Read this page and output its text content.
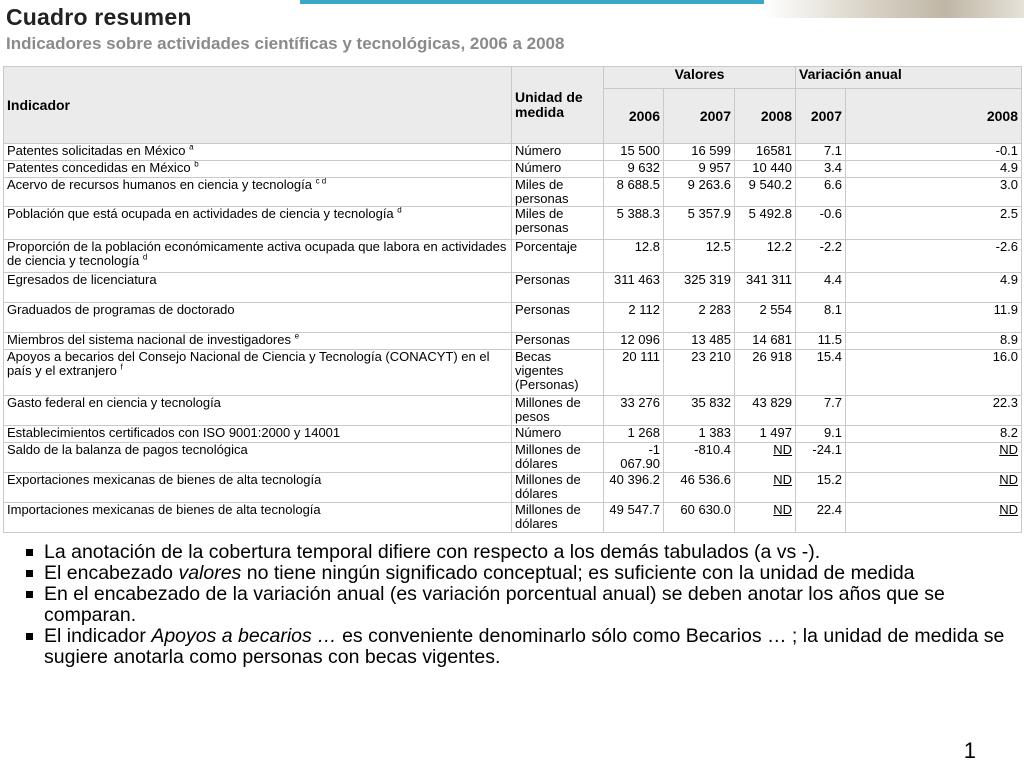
Cuadro resumen
Indicadores sobre actividades científicas y tecnológicas, 2006 a 2008
Indicador	Unidad de medida	Valores			Variación anual	
		2006	2007	2008	2007	2008
Patentes solicitadas en México $^a$	Número	15 500	16 599	16581	7.1	-0.1
Patentes concedidas en México $^b$	Número	9 632	9 957	10 440	3.4	4.9
Acervo de recursos humanos en ciencia y tecnología $^{c d}$	Miles de personas	8 688.5	9 263.6	9 540.2	6.6	3.0
Población que está ocupada en actividades de ciencia y tecnología $^d$	Miles de personas	5 388.3	5 357.9	5 492.8	-0.6	2.5
Proporción de la población económicamente activa ocupada que labora en actividades de ciencia y tecnología $^d$	Porcentaje	12.8	12.5	12.2	-2.2	-2.6
Egresados de licenciatura	Personas	311 463	325 319	341 311	4.4	4.9
Graduados de programas de doctorado	Personas	2 112	2 283	2 554	8.1	11.9
Miembros del sistema nacional de investigadores $^e$	Personas	12 096	13 485	14 681	11.5	8.9
Apoyos a becarios del Consejo Nacional de Ciencia y Tecnología (CONACYT) en el país y el extranjero $^f$	Becas vigentes (Personas)	20 111	23 210	26 918	15.4	16.0
Gasto federal en ciencia y tecnología	Millones de pesos	33 276	35 832	43 829	7.7	22.3
Establecimientos certificados con ISO 9001:2000 y 14001	Número	1 268	1 383	1 497	9.1	8.2
Saldo de la balanza de pagos tecnológica	Millones de dólares	-1 067.90	-810.4	ND	-24.1	ND
Exportaciones mexicanas de bienes de alta tecnología	Millones de dólares	40 396.2	46 536.6	ND	15.2	ND
Importaciones mexicanas de bienes de alta tecnología	Millones de dólares	49 547.7	60 630.0	ND	22.4	ND
La anotación de la cobertura temporal difiere con respecto a los demás tabulados (a vs -).
El encabezado valores no tiene ningún significado conceptual; es suficiente con la unidad de medida
En el encabezado de la variación anual (es variación porcentual anual) se deben anotar los años que se comparan.
El indicador Apoyos a becarios … es conveniente denominarlo sólo como Becarios … ; la unidad de medida se sugiere anotarla como personas con becas vigentes.
1
